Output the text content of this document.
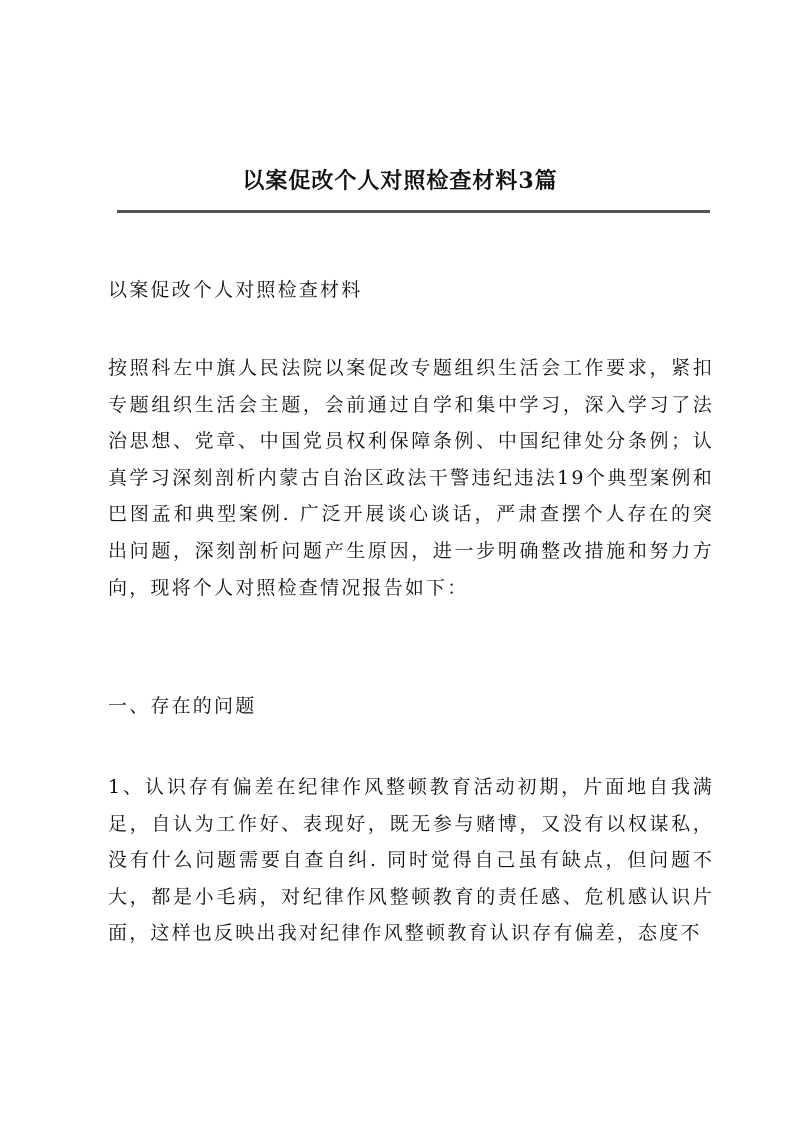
以案促改个人对照检查材料3篇
以案促改个人对照检查材料
按照科左中旗人民法院以案促改专题组织生活会工作要求，紧扣专题组织生活会主题，会前通过自学和集中学习，深入学习了法治思想、党章、中国党员权利保障条例、中国纪律处分条例；认真学习深刻剖析内蒙古自治区政法干警违纪违法19个典型案例和巴图孟和典型案例. 广泛开展谈心谈话，严肃查摆个人存在的突出问题，深刻剖析问题产生原因，进一步明确整改措施和努力方向，现将个人对照检查情况报告如下：
一、存在的问题
1、认识存有偏差在纪律作风整顿教育活动初期，片面地自我满足，自认为工作好、表现好，既无参与赌博，又没有以权谋私，没有什么问题需要自查自纠. 同时觉得自己虽有缺点，但问题不大，都是小毛病，对纪律作风整顿教育的责任感、危机感认识片面，这样也反映出我对纪律作风整顿教育认识存有偏差，态度不
